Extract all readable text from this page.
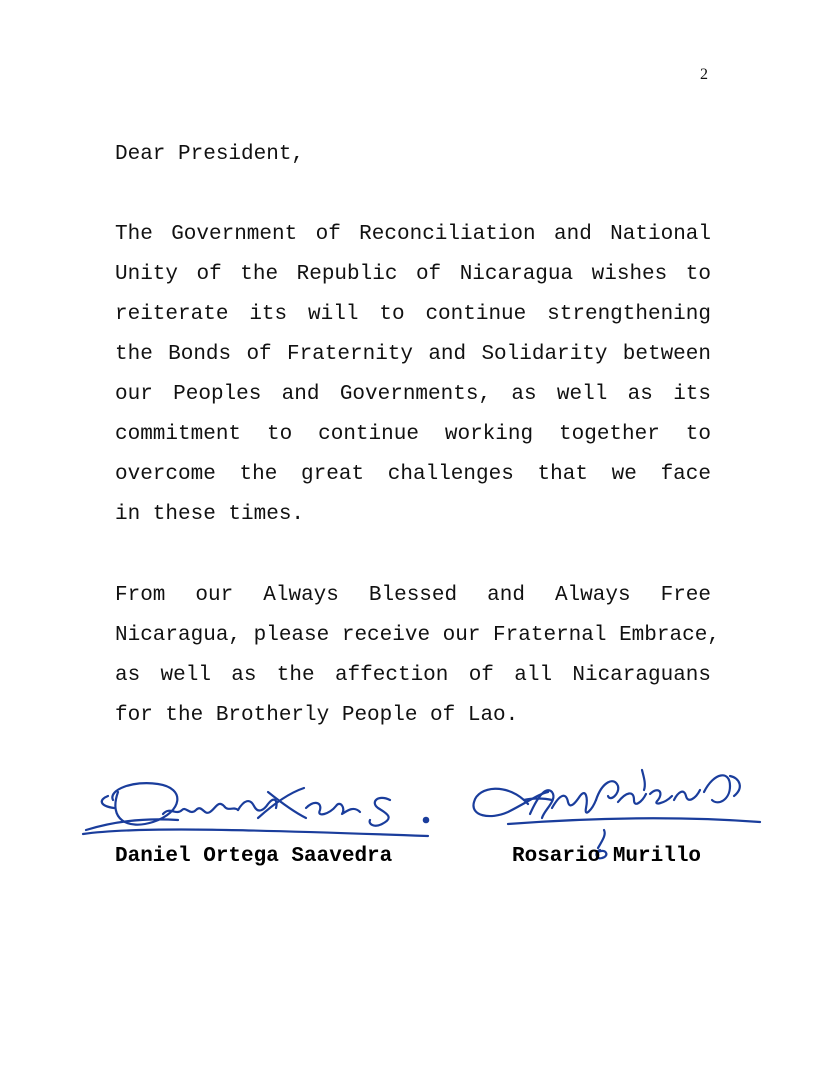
2
Dear President,
The Government of Reconciliation and National
Unity of the Republic of Nicaragua wishes to
reiterate its will to continue strengthening
the Bonds of Fraternity and Solidarity between
our Peoples and Governments, as well as its
commitment to continue working together to
overcome the great challenges that we face
in these times.
From our Always Blessed and Always Free
Nicaragua, please receive our Fraternal Embrace,
as well as the affection of all Nicaraguans
for the Brotherly People of Lao.
Daniel Ortega Saavedra	Rosario Murillo
